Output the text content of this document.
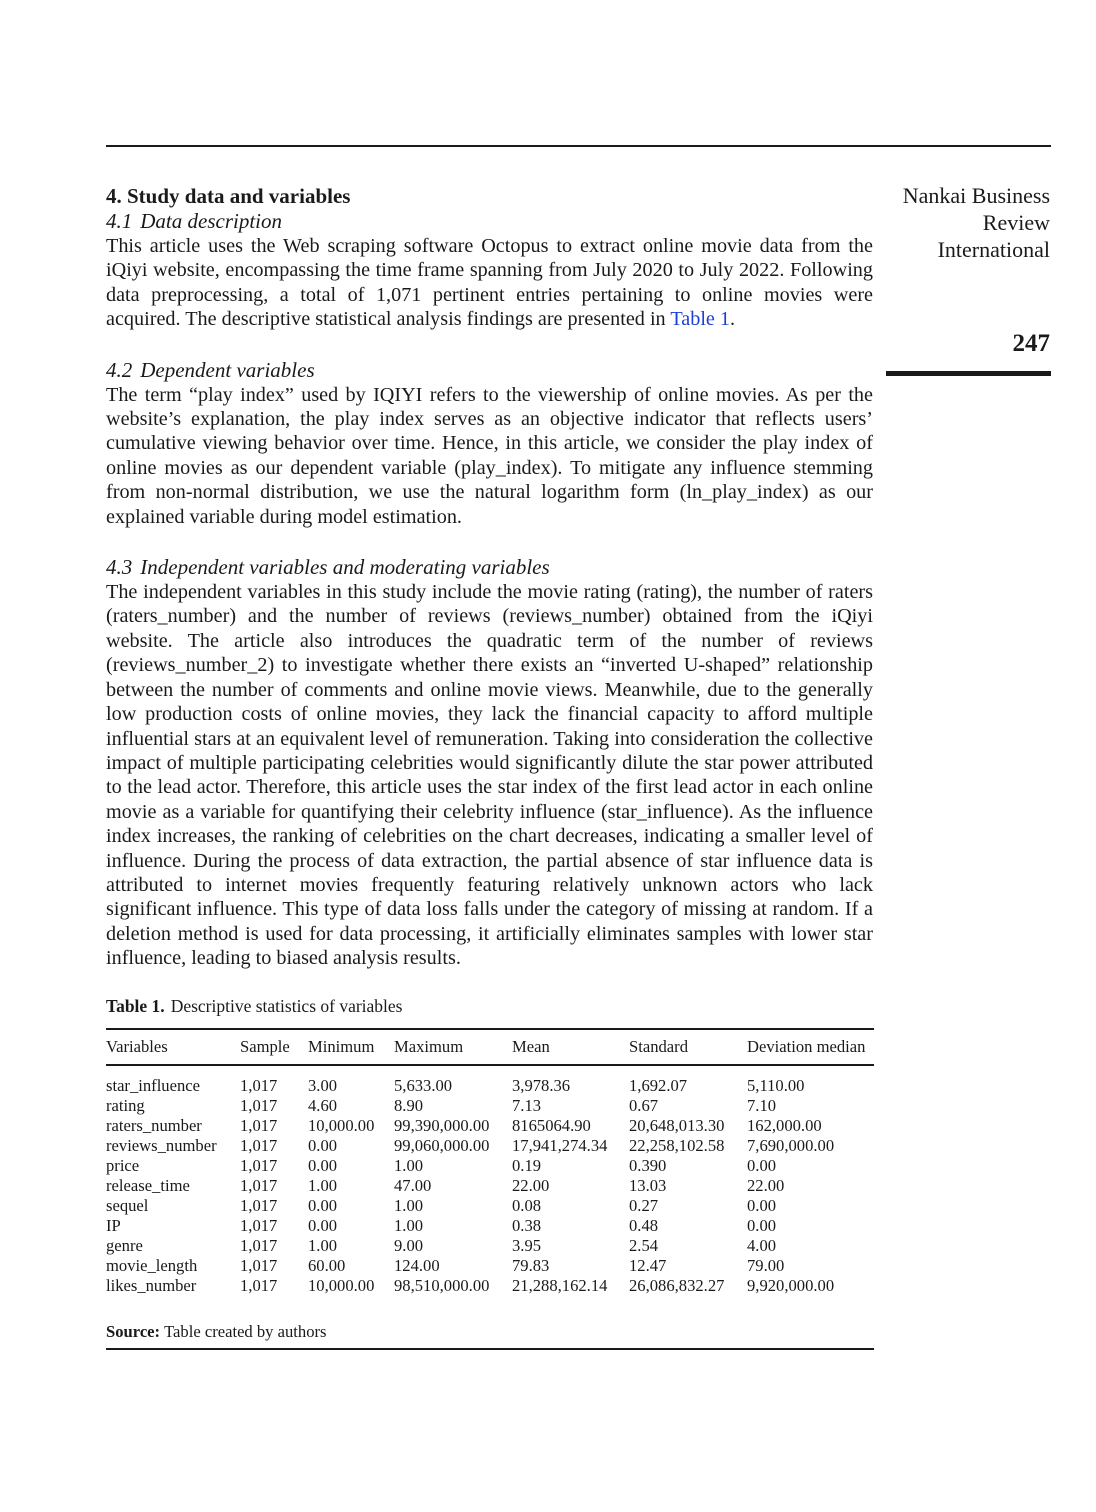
Nankai Business
Review
International
247
4. Study data and variables
4.1 Data description

This article uses the Web scraping software Octopus to extract online movie data from the iQiyi website, encompassing the time frame spanning from July 2020 to July 2022. Following data preprocessing, a total of 1,071 pertinent entries pertaining to online movies were acquired. The descriptive statistical analysis findings are presented in Table 1.

4.2 Dependent variables

The term “play index” used by IQIYI refers to the viewership of online movies. As per the website’s explanation, the play index serves as an objective indicator that reflects users’ cumulative viewing behavior over time. Hence, in this article, we consider the play index of online movies as our dependent variable (play_index). To mitigate any influence stemming from non-normal distribution, we use the natural logarithm form (ln_play_index) as our explained variable during model estimation.

4.3 Independent variables and moderating variables

The independent variables in this study include the movie rating (rating), the number of raters (raters_number) and the number of reviews (reviews_number) obtained from the iQiyi website. The article also introduces the quadratic term of the number of reviews (reviews_number_2) to investigate whether there exists an “inverted U-shaped” relationship between the number of comments and online movie views. Meanwhile, due to the generally low production costs of online movies, they lack the financial capacity to afford multiple influential stars at an equivalent level of remuneration. Taking into consideration the collective impact of multiple participating celebrities would significantly dilute the star power attributed to the lead actor. Therefore, this article uses the star index of the first lead actor in each online movie as a variable for quantifying their celebrity influence (star_influence). As the influence index increases, the ranking of celebrities on the chart decreases, indicating a smaller level of influence. During the process of data extraction, the partial absence of star influence data is attributed to internet movies frequently featuring relatively unknown actors who lack significant influence. This type of data loss falls under the category of missing at random. If a deletion method is used for data processing, it artificially eliminates samples with lower star influence, leading to biased analysis results.

Table 1. Descriptive statistics of variables
Variables	Sample	Minimum	Maximum	Mean	Standard	Deviation median

star_influence	1,017	3.00	5,633.00	3,978.36	1,692.07	5,110.00
rating	1,017	4.60	8.90	7.13	0.67	7.10
raters_number	1,017	10,000.00	99,390,000.00	8165064.90	20,648,013.30	162,000.00
reviews_number	1,017	0.00	99,060,000.00	17,941,274.34	22,258,102.58	7,690,000.00
price	1,017	0.00	1.00	0.19	0.390	0.00
release_time	1,017	1.00	47.00	22.00	13.03	22.00
sequel	1,017	0.00	1.00	0.08	0.27	0.00
IP	1,017	0.00	1.00	0.38	0.48	0.00
genre	1,017	1.00	9.00	3.95	2.54	4.00
movie_length	1,017	60.00	124.00	79.83	12.47	79.00
likes_number	1,017	10,000.00	98,510,000.00	21,288,162.14	26,086,832.27	9,920,000.00
Source: Table created by authors
